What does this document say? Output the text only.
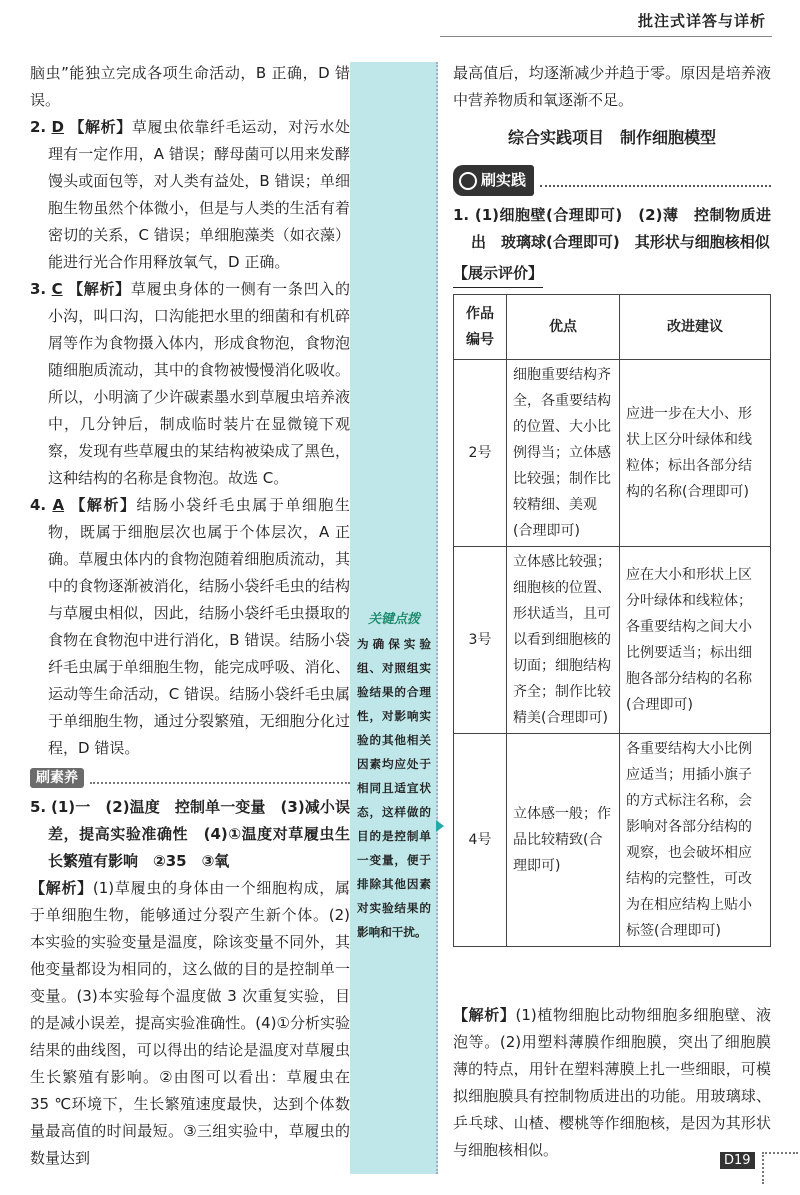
批注式详答与详析

脑虫”能独立完成各项生命活动，B 正确，D 错误。

2. D 【解析】草履虫依靠纤毛运动，对污水处理有一定作用，A 错误；酵母菌可以用来发酵馒头或面包等，对人类有益处，B 错误；单细胞生物虽然个体微小，但是与人类的生活有着密切的关系，C 错误；单细胞藻类（如衣藻）能进行光合作用释放氧气，D 正确。

3. C 【解析】草履虫身体的一侧有一条凹入的小沟，叫口沟，口沟能把水里的细菌和有机碎屑等作为食物摄入体内，形成食物泡，食物泡随细胞质流动，其中的食物被慢慢消化吸收。所以，小明滴了少许碳素墨水到草履虫培养液中，几分钟后，制成临时装片在显微镜下观察，发现有些草履虫的某结构被染成了黑色，这种结构的名称是食物泡。故选 C。

4. A 【解析】结肠小袋纤毛虫属于单细胞生物，既属于细胞层次也属于个体层次，A 正确。草履虫体内的食物泡随着细胞质流动，其中的食物逐渐被消化，结肠小袋纤毛虫的结构与草履虫相似，因此，结肠小袋纤毛虫摄取的食物在食物泡中进行消化，B 错误。结肠小袋纤毛虫属于单细胞生物，能完成呼吸、消化、运动等生命活动，C 错误。结肠小袋纤毛虫属于单细胞生物，通过分裂繁殖，无细胞分化过程，D 错误。

刷素养

5. (1)一　(2)温度　控制单一变量　(3)减小误差，提高实验准确性　(4)①温度对草履虫生长繁殖有影响　②35　③氧

【解析】(1)草履虫的身体由一个细胞构成，属于单细胞生物，能够通过分裂产生新个体。(2)本实验的实验变量是温度，除该变量不同外，其他变量都设为相同的，这么做的目的是控制单一变量。(3)本实验每个温度做 3 次重复实验，目的是减小误差，提高实验准确性。(4)①分析实验结果的曲线图，可以得出的结论是温度对草履虫生长繁殖有影响。②由图可以看出：草履虫在 35 ℃环境下，生长繁殖速度最快，达到个体数量最高值的时间最短。③三组实验中，草履虫的数量达到

关键点拨
为确保实验组、对照组实验结果的合理性，对影响实验的其他相关因素均应处于相同且适宜状态，这样做的目的是控制单一变量，便于排除其他因素对实验结果的影响和干扰。

最高值后，均逐渐减少并趋于零。原因是培养液中营养物质和氧逐渐不足。

综合实践项目　制作细胞模型
刷实践

1. (1)细胞壁(合理即可)　(2)薄　控制物质进出　玻璃球(合理即可)　其形状与细胞核相似

【展示评价】
作品编号	优点	改进建议
2号	细胞重要结构齐全，各重要结构的位置、大小比例得当；立体感比较强；制作比较精细、美观(合理即可)	应进一步在大小、形状上区分叶绿体和线粒体；标出各部分结构的名称(合理即可)
3号	立体感比较强；细胞核的位置、形状适当，且可以看到细胞核的切面；细胞结构齐全；制作比较精美(合理即可)	应在大小和形状上区分叶绿体和线粒体；各重要结构之间大小比例要适当；标出细胞各部分结构的名称(合理即可)
4号	立体感一般；作品比较精致(合理即可)	各重要结构大小比例应适当；用插小旗子的方式标注名称，会影响对各部分结构的观察，也会破坏相应结构的完整性，可改为在相应结构上贴小标签(合理即可)
【解析】(1)植物细胞比动物细胞多细胞壁、液泡等。(2)用塑料薄膜作细胞膜，突出了细胞膜薄的特点，用针在塑料薄膜上扎一些细眼，可模拟细胞膜具有控制物质进出的功能。用玻璃球、乒乓球、山楂、樱桃等作细胞核，是因为其形状与细胞核相似。
D19
